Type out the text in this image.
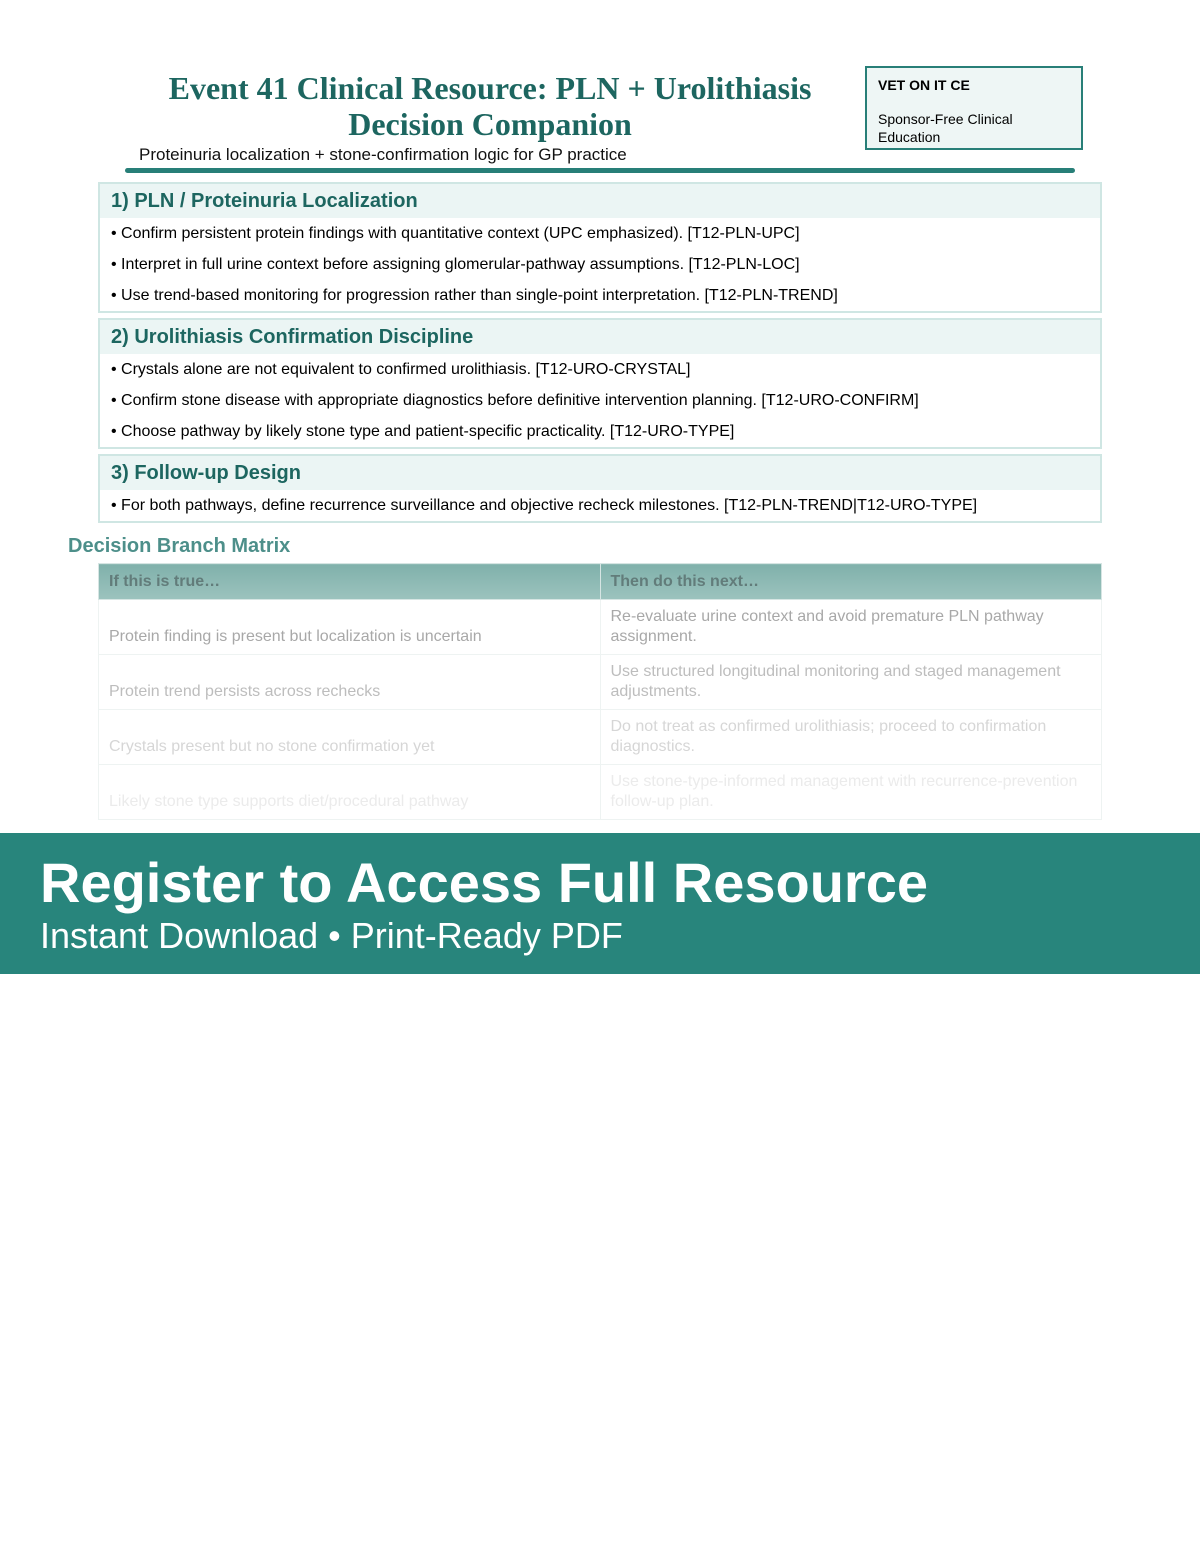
Event 41 Clinical Resource: PLN + Urolithiasis Decision Companion

Proteinuria localization + stone-confirmation logic for GP practice

VET ON IT CE
Sponsor-Free Clinical Education
1) PLN / Proteinuria Localization
• Confirm persistent protein findings with quantitative context (UPC emphasized). [T12-PLN-UPC]
• Interpret in full urine context before assigning glomerular-pathway assumptions. [T12-PLN-LOC]
• Use trend-based monitoring for progression rather than single-point interpretation. [T12-PLN-TREND]
2) Urolithiasis Confirmation Discipline
• Crystals alone are not equivalent to confirmed urolithiasis. [T12-URO-CRYSTAL]
• Confirm stone disease with appropriate diagnostics before definitive intervention planning. [T12-URO-CONFIRM]
• Choose pathway by likely stone type and patient-specific practicality. [T12-URO-TYPE]
3) Follow-up Design
• For both pathways, define recurrence surveillance and objective recheck milestones. [T12-PLN-TREND|T12-URO-TYPE]
Decision Branch Matrix
If this is true…	Then do this next…
Protein finding is present but localization is uncertain	Re-evaluate urine context and avoid premature PLN pathway assignment.
Protein trend persists across rechecks	Use structured longitudinal monitoring and staged management adjustments.
Crystals present but no stone confirmation yet	Do not treat as confirmed urolithiasis; proceed to confirmation diagnostics.
Likely stone type supports diet/procedural pathway	Use stone-type-informed management with recurrence-prevention follow-up plan.
Register to Access Full Resource
Instant Download • Print-Ready PDF
